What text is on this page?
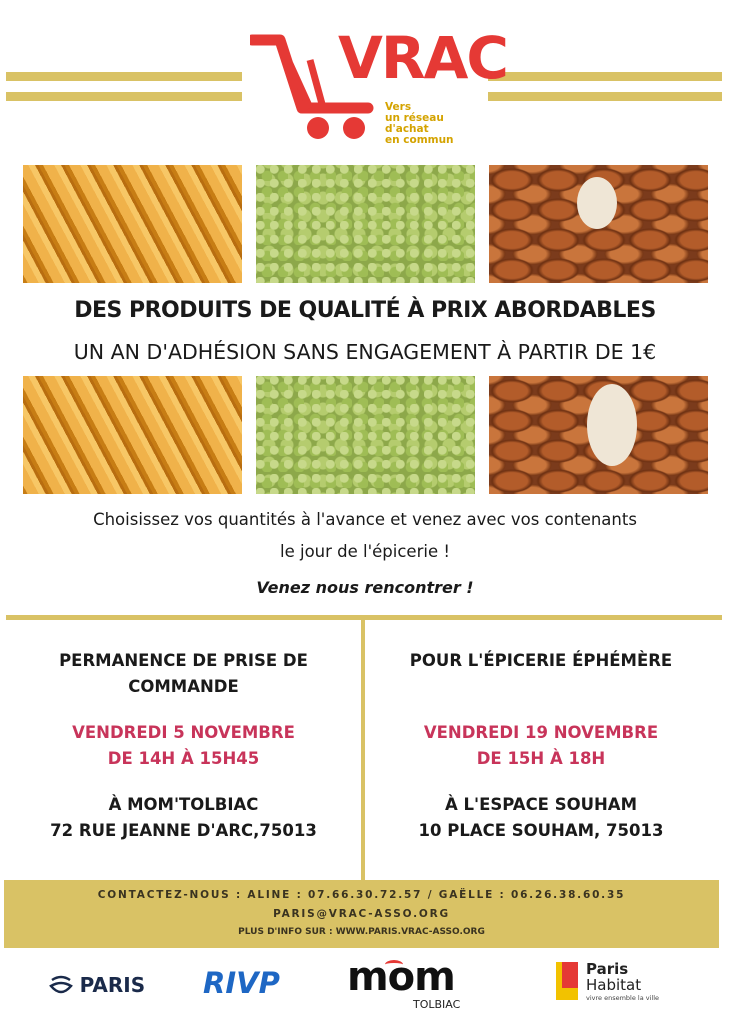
VRAC
Vers
un réseau
d'achat
en commun
DES PRODUITS DE QUALITÉ À PRIX ABORDABLES
UN AN D'ADHÉSION SANS ENGAGEMENT À PARTIR DE 1€
Choisissez vos quantités à l'avance et venez avec vos contenants
le jour de l'épicerie !
Venez nous rencontrer !
PERMANENCE DE PRISE DE
COMMANDE
VENDREDI 5 NOVEMBRE
DE 14H À 15H45
À MOM'TOLBIAC
72 RUE JEANNE D'ARC,75013
POUR L'ÉPICERIE ÉPHÉMÈRE
VENDREDI 19 NOVEMBRE
DE 15H À 18H
À L'ESPACE SOUHAM
10 PLACE SOUHAM, 75013
CONTACTEZ-NOUS : ALINE : 07.66.30.72.57 / GAËLLE : 06.26.38.60.35
PARIS@VRAC-ASSO.ORG
PLUS D'INFO SUR : WWW.PARIS.VRAC-ASSO.ORG
PARIS RIVP mom
TOLBIAC
Paris
Habitat
vivre ensemble la ville
